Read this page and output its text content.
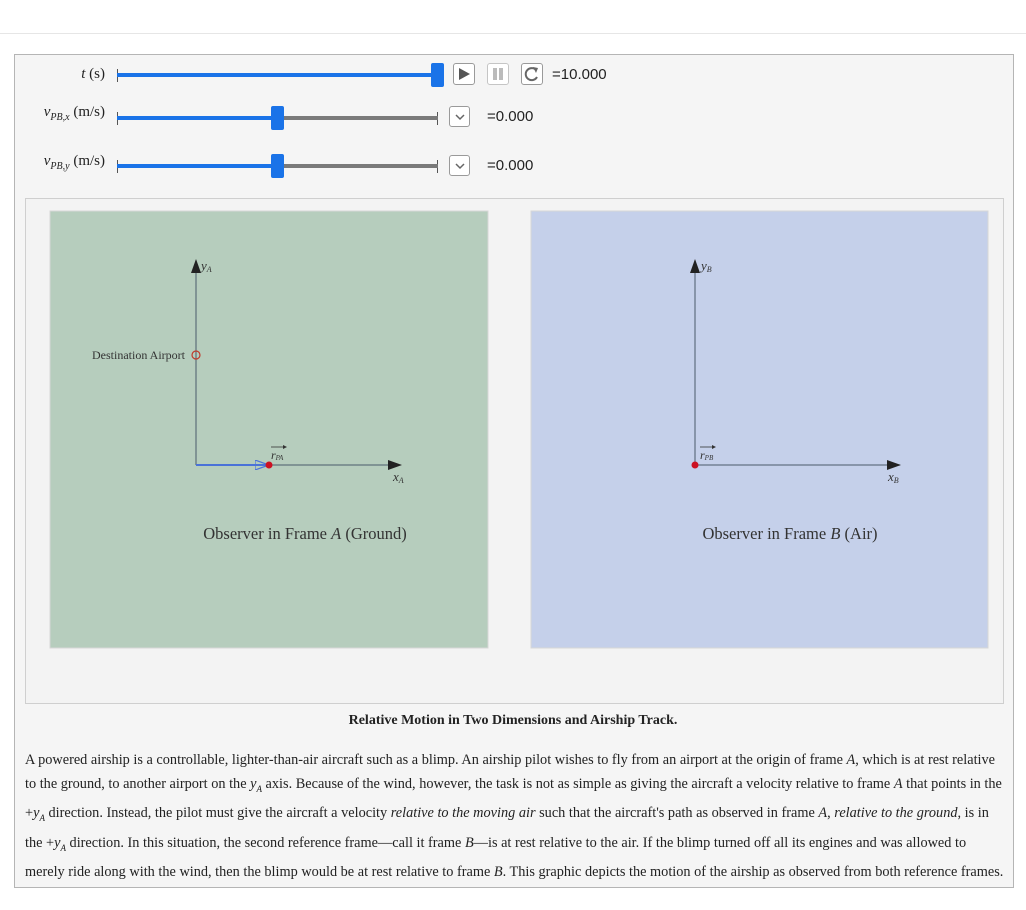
t (s)	=10.000
$v_{PB,x}$ (m/s)	=0.000
$v_{PB,y}$ (m/s)	=0.000
yA
xA
Destination Airport
rPA
Observer in Frame A (Ground)
yB
xB
rPB
Observer in Frame B (Air)
Relative Motion in Two Dimensions and Airship Track.
A powered airship is a controllable, lighter-than-air aircraft such as a blimp. An airship pilot wishes to fly from an airport at the origin of frame A, which is at rest relative to the ground, to another airport on the $y_A$ axis. Because of the wind, however, the task is not as simple as giving the aircraft a velocity relative to frame A that points in the $+y_A$ direction. Instead, the pilot must give the aircraft a velocity relative to the moving air such that the aircraft's path as observed in frame A, relative to the ground, is in the $+y_A$ direction. In this situation, the second reference frame—call it frame B—is at rest relative to the air. If the blimp turned off all its engines and was allowed to merely ride along with the wind, then the blimp would be at rest relative to frame B. This graphic depicts the motion of the airship as observed from both reference frames.
